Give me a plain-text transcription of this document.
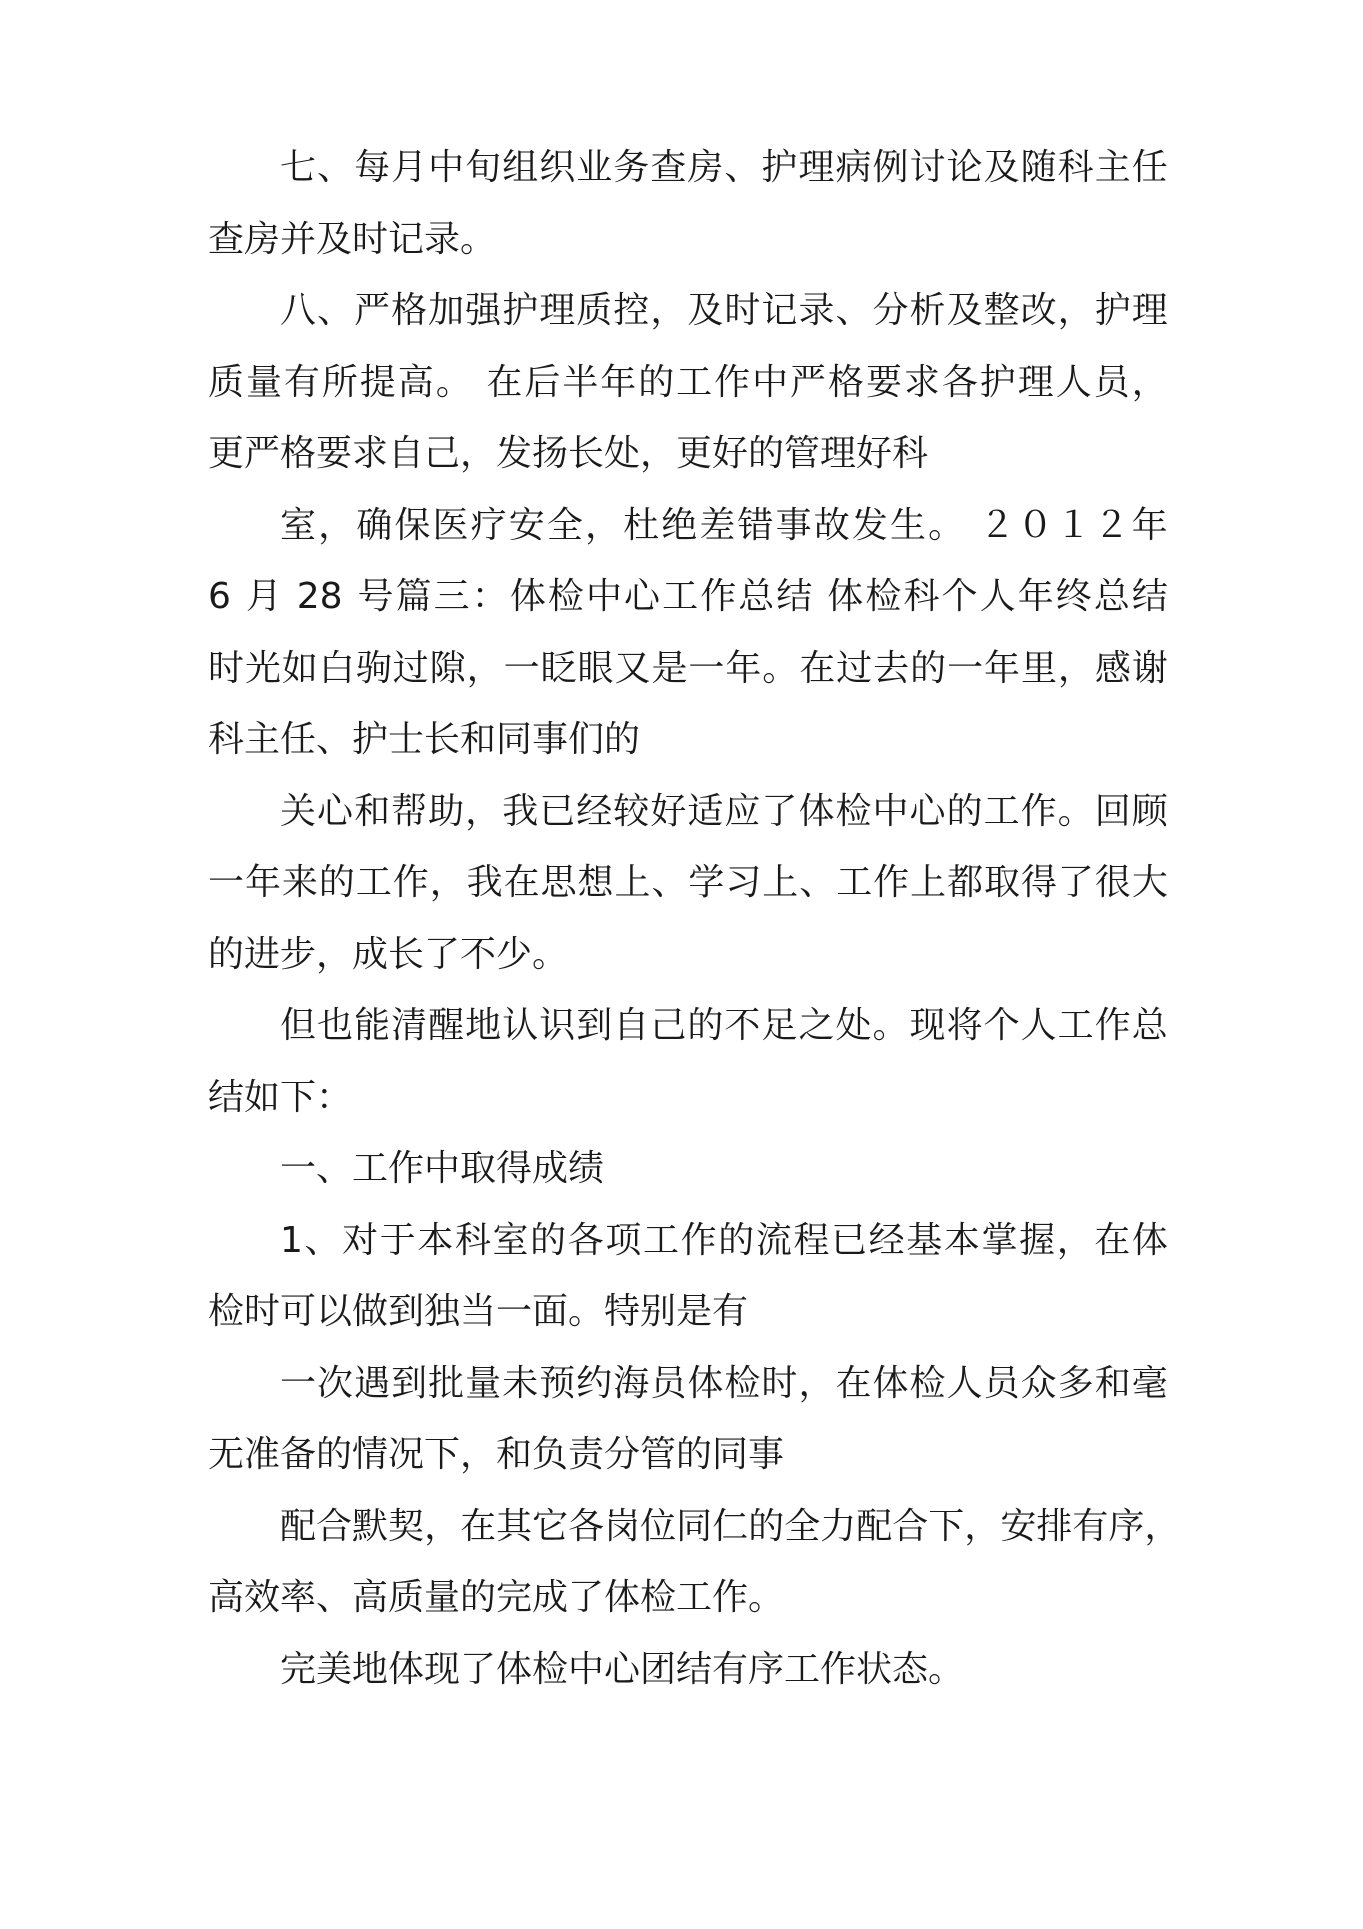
七 、 每 月 中 旬 组 织 业 务 查 房 、 护 理 病 例 讨 论 及 随 科 主 任
查房并及时记录。

八 、 严 格 加 强 护 理 质 控 ， 及 时 记 录 、 分 析 及 整 改 ， 护 理
质 量 有 所 提 高 。 在 后 半 年 的 工 作 中 严 格 要 求 各 护 理 人 员 ，
更严格要求自己，发扬长处，更好的管理好科

室 ， 确 保 医 疗 安 全 ， 杜 绝 差 错 事 故 发 生 。 ２ ０ １ ２ 年
6 月 28 号 篇 三 ： 体 检 中 心 工 作 总 结 体 检 科 个 人 年 终 总 结
时 光 如 白 驹 过 隙 ， 一 眨 眼 又 是 一 年 。 在 过 去 的 一 年 里 ， 感 谢
科主任、护士长和同事们的

关 心 和 帮 助 ， 我 已 经 较 好 适 应 了 体 检 中 心 的 工 作 。 回 顾
一 年 来 的 工 作 ， 我 在 思 想 上 、 学 习 上 、 工 作 上 都 取 得 了 很 大
的进步，成长了不少。

但 也 能 清 醒 地 认 识 到 自 己 的 不 足 之 处 。 现 将 个 人 工 作 总
结如下：

一、工作中取得成绩

1 、 对 于 本 科 室 的 各 项 工 作 的 流 程 已 经 基 本 掌 握 ， 在 体
检时可以做到独当一面。特别是有

一 次 遇 到 批 量 未 预 约 海 员 体 检 时 ， 在 体 检 人 员 众 多 和 毫
无准备的情况下，和负责分管的同事

配 合 默 契 ， 在 其 它 各 岗 位 同 仁 的 全 力 配 合 下 ， 安 排 有 序 ，
高效率、高质量的完成了体检工作。

完美地体现了体检中心团结有序工作状态。
